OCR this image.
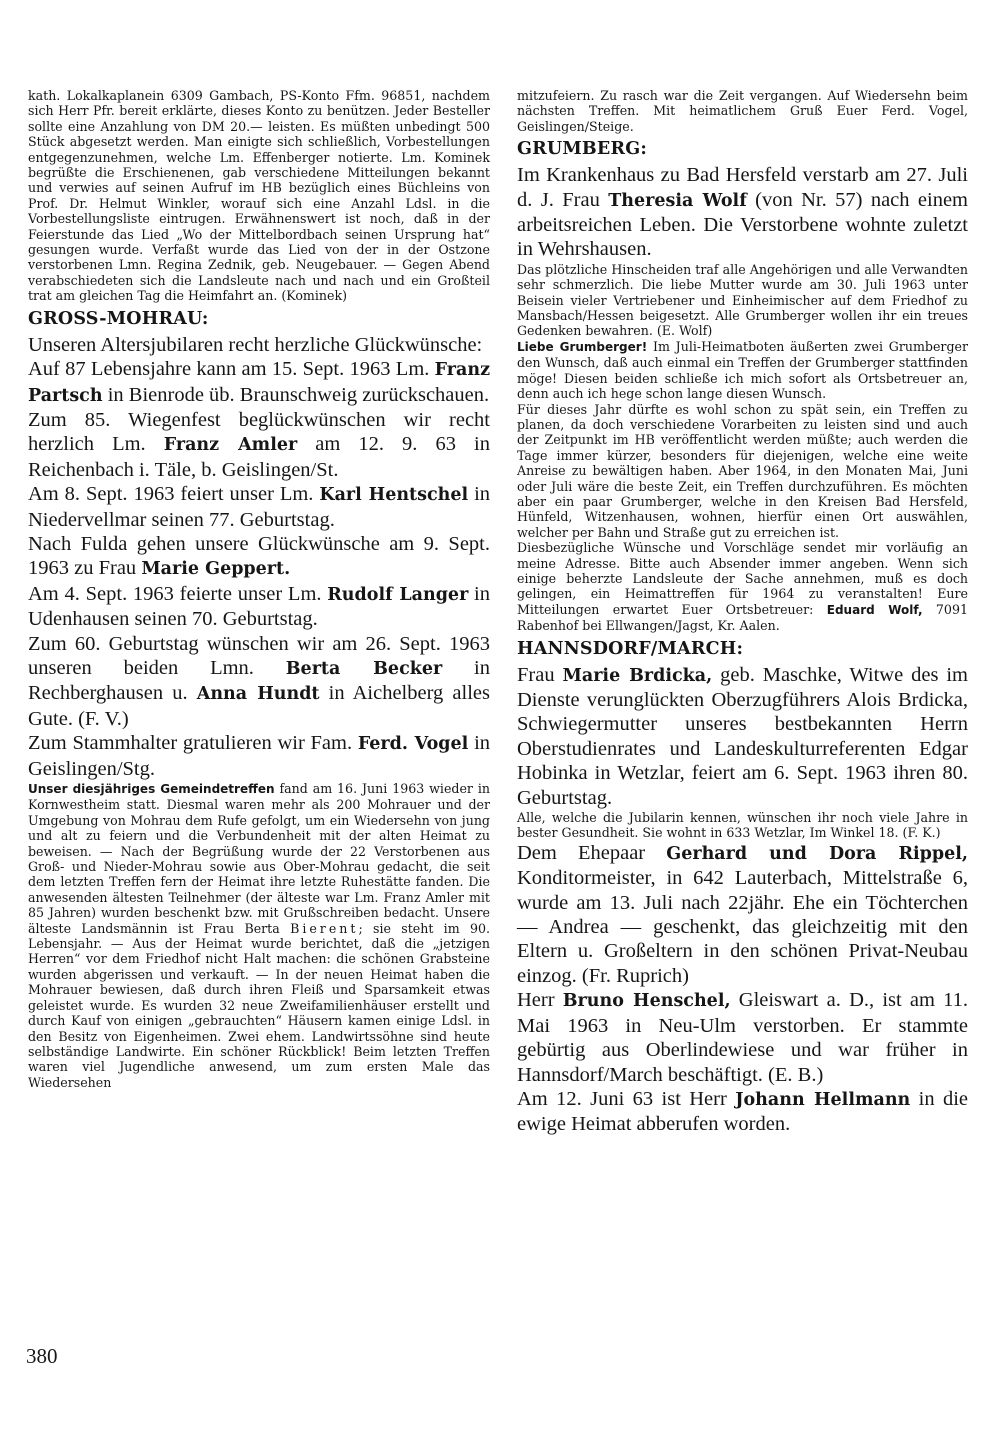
kath. Lokalkaplanein 6309 Gambach, PS-Konto Ffm. 96851, nachdem sich Herr Pfr. bereit erklärte, dieses Konto zu benützen. Jeder Besteller sollte eine Anzahlung von DM 20.— leisten. Es müßten unbedingt 500 Stück abgesetzt werden. Man einigte sich schließlich, Vorbestellungen entgegenzunehmen, welche Lm. Effenberger notierte. Lm. Kominek begrüßte die Erschienenen, gab verschiedene Mitteilungen bekannt und verwies auf seinen Aufruf im HB bezüglich eines Büchleins von Prof. Dr. Helmut Winkler, worauf sich eine Anzahl Ldsl. in die Vorbestellungsliste eintrugen. Erwähnenswert ist noch, daß in der Feierstunde das Lied „Wo der Mittelbordbach seinen Ursprung hat“ gesungen wurde. Verfaßt wurde das Lied von der in der Ostzone verstorbenen Lmn. Regina Zednik, geb. Neugebauer. — Gegen Abend verabschiedeten sich die Landsleute nach und nach und ein Großteil trat am gleichen Tag die Heimfahrt an. (Kominek)

GROSS-MOHRAU:

Unseren Altersjubilaren recht herzliche Glückwünsche:

Auf 87 Lebensjahre kann am 15. Sept. 1963 Lm. Franz Partsch in Bienrode üb. Braunschweig zurückschauen.

Zum 85. Wiegenfest beglückwünschen wir recht herzlich Lm. Franz Amler am 12. 9. 63 in Reichenbach i. Täle, b. Geislingen/St.

Am 8. Sept. 1963 feiert unser Lm. Karl Hentschel in Niedervellmar seinen 77. Geburtstag.

Nach Fulda gehen unsere Glückwünsche am 9. Sept. 1963 zu Frau Marie Geppert.

Am 4. Sept. 1963 feierte unser Lm. Rudolf Langer in Udenhausen seinen 70. Geburtstag.

Zum 60. Geburtstag wünschen wir am 26. Sept. 1963 unseren beiden Lmn. Berta Becker in Rechberghausen u. Anna Hundt in Aichelberg alles Gute. (F. V.)

Zum Stammhalter gratulieren wir Fam. Ferd. Vogel in Geislingen/Stg.

Unser diesjähriges Gemeindetreffen fand am 16. Juni 1963 wieder in Kornwestheim statt. Diesmal waren mehr als 200 Mohrauer und der Umgebung von Mohrau dem Rufe gefolgt, um ein Wiedersehn von jung und alt zu feiern und die Verbundenheit mit der alten Heimat zu beweisen. — Nach der Begrüßung wurde der 22 Verstorbenen aus Groß- und Nieder-Mohrau sowie aus Ober-Mohrau gedacht, die seit dem letzten Treffen fern der Heimat ihre letzte Ruhestätte fanden. Die anwesenden ältesten Teilnehmer (der älteste war Lm. Franz Amler mit 85 Jahren) wurden beschenkt bzw. mit Grußschreiben bedacht. Unsere älteste Landsmännin ist Frau Berta Bierent; sie steht im 90. Lebensjahr. — Aus der Heimat wurde berichtet, daß die „jetzigen Herren“ vor dem Friedhof nicht Halt machen: die schönen Grabsteine wurden abgerissen und verkauft. — In der neuen Heimat haben die Mohrauer bewiesen, daß durch ihren Fleiß und Sparsamkeit etwas geleistet wurde. Es wurden 32 neue Zweifamilienhäuser erstellt und durch Kauf von einigen „gebrauchten“ Häusern kamen einige Ldsl. in den Besitz von Eigenheimen. Zwei ehem. Landwirtssöhne sind heute selbständige Landwirte. Ein schöner Rückblick! Beim letzten Treffen waren viel Jugendliche anwesend, um zum ersten Male das Wiedersehen

mitzufeiern. Zu rasch war die Zeit vergangen. Auf Wiedersehn beim nächsten Treffen. Mit heimatlichem Gruß Euer Ferd. Vogel, Geislingen/Steige.

GRUMBERG:

Im Krankenhaus zu Bad Hersfeld verstarb am 27. Juli d. J. Frau Theresia Wolf (von Nr. 57) nach einem arbeitsreichen Leben. Die Verstorbene wohnte zuletzt in Wehrshausen.

Das plötzliche Hinscheiden traf alle Angehörigen und alle Verwandten sehr schmerzlich. Die liebe Mutter wurde am 30. Juli 1963 unter Beisein vieler Vertriebener und Einheimischer auf dem Friedhof zu Mansbach/Hessen beigesetzt. Alle Grumberger wollen ihr ein treues Gedenken bewahren. (E. Wolf)

Liebe Grumberger! Im Juli-Heimatboten äußerten zwei Grumberger den Wunsch, daß auch einmal ein Treffen der Grumberger stattfinden möge! Diesen beiden schließe ich mich sofort als Ortsbetreuer an, denn auch ich hege schon lange diesen Wunsch.

Für dieses Jahr dürfte es wohl schon zu spät sein, ein Treffen zu planen, da doch verschiedene Vorarbeiten zu leisten sind und auch der Zeitpunkt im HB veröffentlicht werden müßte; auch werden die Tage immer kürzer, besonders für diejenigen, welche eine weite Anreise zu bewältigen haben. Aber 1964, in den Monaten Mai, Juni oder Juli wäre die beste Zeit, ein Treffen durchzuführen. Es möchten aber ein paar Grumberger, welche in den Kreisen Bad Hersfeld, Hünfeld, Witzenhausen, wohnen, hierfür einen Ort auswählen, welcher per Bahn und Straße gut zu erreichen ist.

Diesbezügliche Wünsche und Vorschläge sendet mir vorläufig an meine Adresse. Bitte auch Absender immer angeben. Wenn sich einige beherzte Landsleute der Sache annehmen, muß es doch gelingen, ein Heimattreffen für 1964 zu veranstalten! Eure Mitteilungen erwartet Euer Ortsbetreuer: Eduard Wolf, 7091 Rabenhof bei Ellwangen/Jagst, Kr. Aalen.

HANNSDORF/MARCH:

Frau Marie Brdicka, geb. Maschke, Witwe des im Dienste verunglückten Oberzugführers Alois Brdicka, Schwiegermutter unseres bestbekannten Herrn Oberstudienrates und Landeskulturreferenten Edgar Hobinka in Wetzlar, feiert am 6. Sept. 1963 ihren 80. Geburtstag.

Alle, welche die Jubilarin kennen, wünschen ihr noch viele Jahre in bester Gesundheit. Sie wohnt in 633 Wetzlar, Im Winkel 18. (F. K.)

Dem Ehepaar Gerhard und Dora Rippel, Konditormeister, in 642 Lauterbach, Mittelstraße 6, wurde am 13. Juli nach 22jähr. Ehe ein Töchterchen — Andrea — geschenkt, das gleichzeitig mit den Eltern u. Großeltern in den schönen Privat-Neubau einzog. (Fr. Ruprich)

Herr Bruno Henschel, Gleiswart a. D., ist am 11. Mai 1963 in Neu-Ulm verstorben. Er stammte gebürtig aus Oberlindewiese und war früher in Hannsdorf/March beschäftigt. (E. B.)

Am 12. Juni 63 ist Herr Johann Hellmann in die ewige Heimat abberufen worden.

380
